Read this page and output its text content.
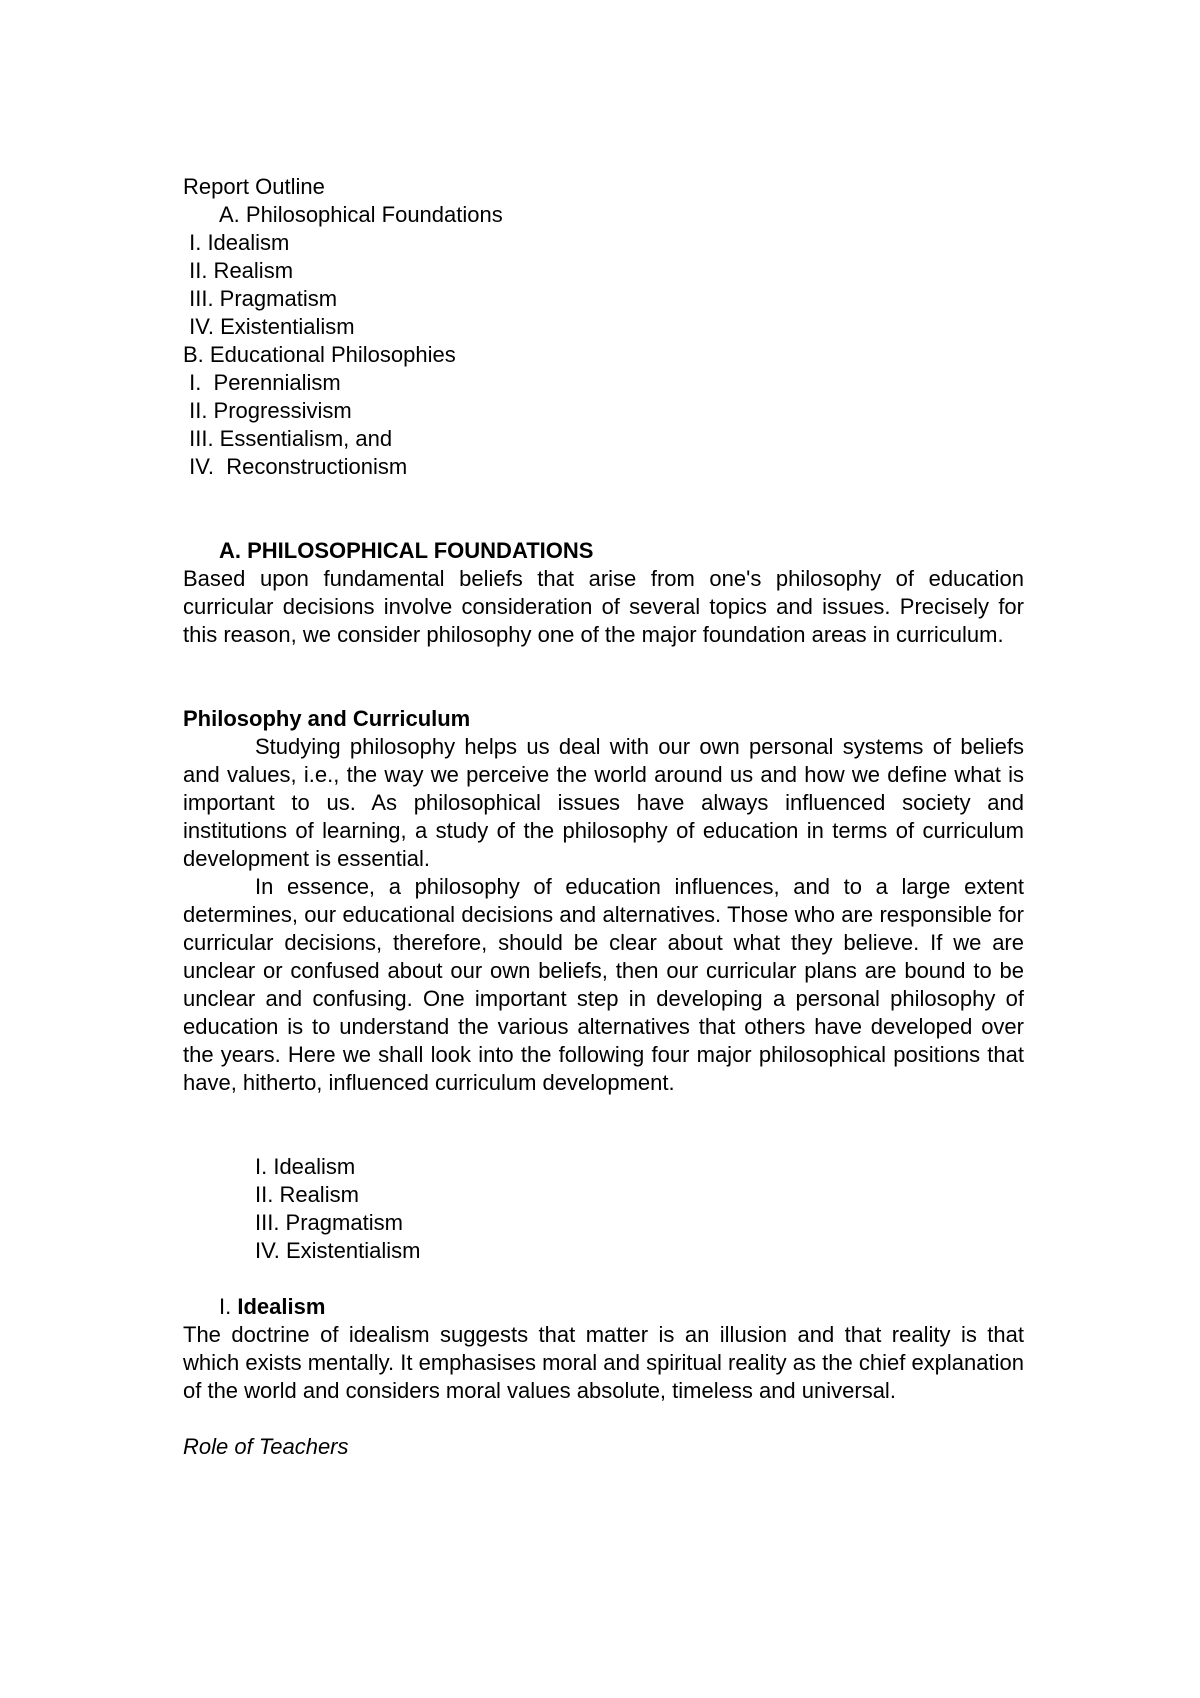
Report Outline
A. Philosophical Foundations
I. Idealism
II. Realism
III. Pragmatism
IV. Existentialism
B. Educational Philosophies
I.  Perennialism
II. Progressivism
III. Essentialism, and
IV.  Reconstructionism
A. PHILOSOPHICAL FOUNDATIONS

Based upon fundamental beliefs that arise from one's philosophy of education curricular decisions involve consideration of several topics and issues. Precisely for this reason, we consider philosophy one of the major foundation areas in curriculum.

Philosophy and Curriculum

Studying philosophy helps us deal with our own personal systems of beliefs and values, i.e., the way we perceive the world around us and how we define what is important to us. As philosophical issues have always influenced society and institutions of learning, a study of the philosophy of education in terms of curriculum development is essential.

In essence, a philosophy of education influences, and to a large extent determines, our educational decisions and alternatives. Those who are responsible for curricular decisions, therefore, should be clear about what they believe. If we are unclear or confused about our own beliefs, then our curricular plans are bound to be unclear and confusing. One important step in developing a personal philosophy of education is to understand the various alternatives that others have developed over the years. Here we shall look into the following four major philosophical positions that have, hitherto, influenced curriculum development.

I. Idealism
II. Realism
III. Pragmatism
IV. Existentialism
I. Idealism

The doctrine of idealism suggests that matter is an illusion and that reality is that which exists mentally. It emphasises moral and spiritual reality as the chief explanation of the world and considers moral values absolute, timeless and universal.

Role of Teachers
